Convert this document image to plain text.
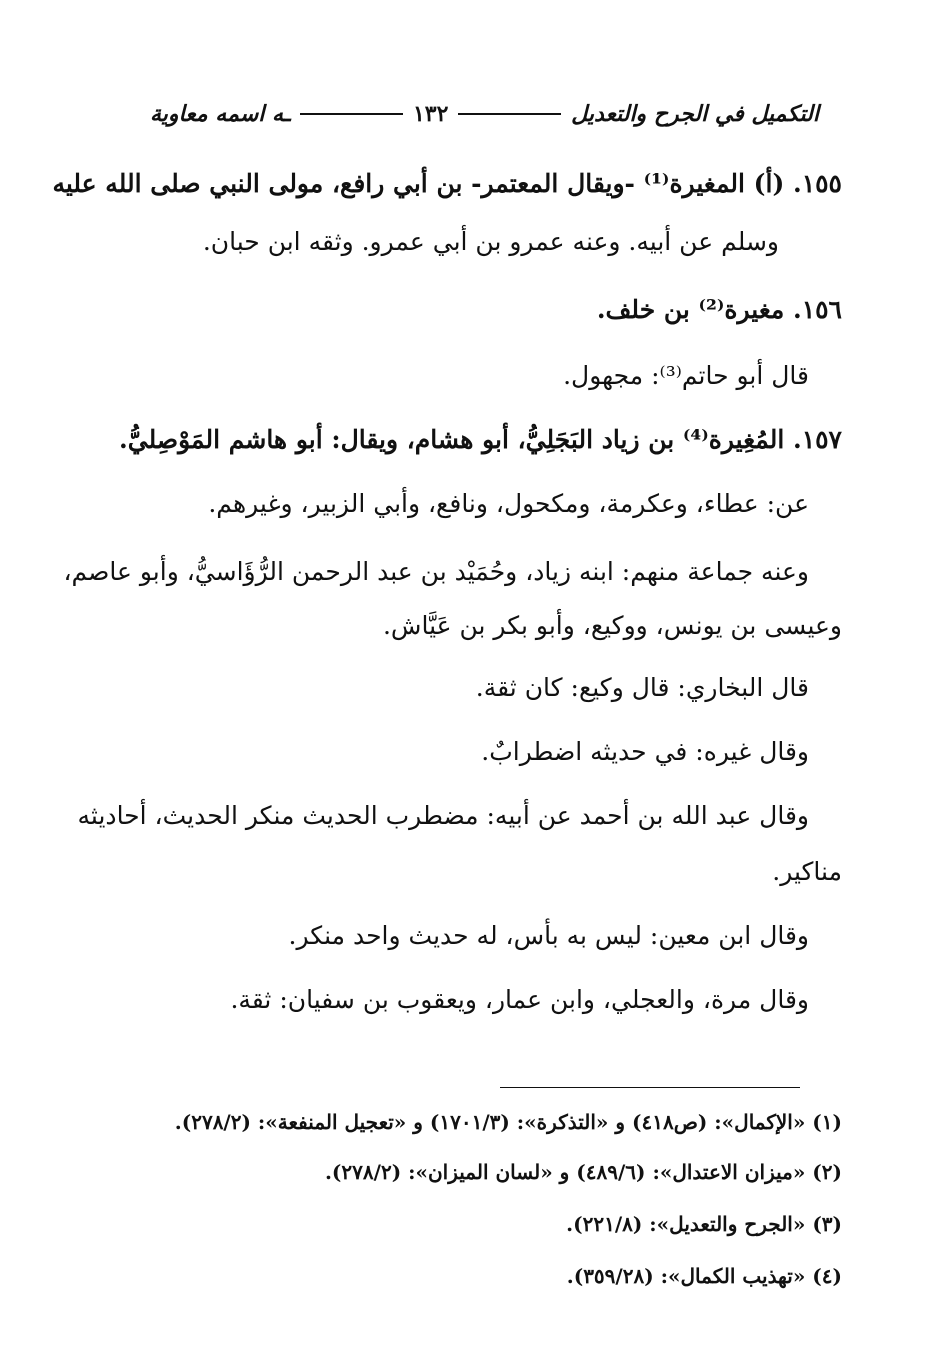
التكميل في الجرح والتعديل
١٣٢
ـه اسمه معاوية
١٥٥. (أ) المغيرة⁽¹⁾ -ويقال المعتمر- بن أبي رافع، مولى النبي صلى الله عليه
وسلم عن أبيه. وعنه عمرو بن أبي عمرو. وثقه ابن حبان.
١٥٦. مغيرة⁽²⁾ بن خلف.
قال أبو حاتم⁽³⁾: مجهول.
١٥٧. المُغِيرة⁽⁴⁾ بن زياد البَجَلِيُّ، أبو هشام، ويقال: أبو هاشم المَوْصِليُّ.
عن: عطاء، وعكرمة، ومكحول، ونافع، وأبي الزبير، وغيرهم.
وعنه جماعة منهم: ابنه زياد، وحُمَيْد بن عبد الرحمن الرُّؤَاسيُّ، وأبو عاصم،
وعيسى بن يونس، ووكيع، وأبو بكر بن عَيَّاش.
قال البخاري: قال وكيع: كان ثقة.
وقال غيره: في حديثه اضطرابٌ.
وقال عبد الله بن أحمد عن أبيه: مضطرب الحديث منكر الحديث، أحاديثه
مناكير.
وقال ابن معين: ليس به بأس، له حديث واحد منكر.
وقال مرة، والعجلي، وابن عمار، ويعقوب بن سفيان: ثقة.
(١) «الإكمال»: (ص٤١٨) و «التذكرة»: (١٧٠١/٣) و «تعجيل المنفعة»: (٢٧٨/٢).
(٢) «ميزان الاعتدال»: (٤٨٩/٦) و «لسان الميزان»: (٢٧٨/٢).
(٣) «الجرح والتعديل»: (٢٢١/٨).
(٤) «تهذيب الكمال»: (٣٥٩/٢٨).
